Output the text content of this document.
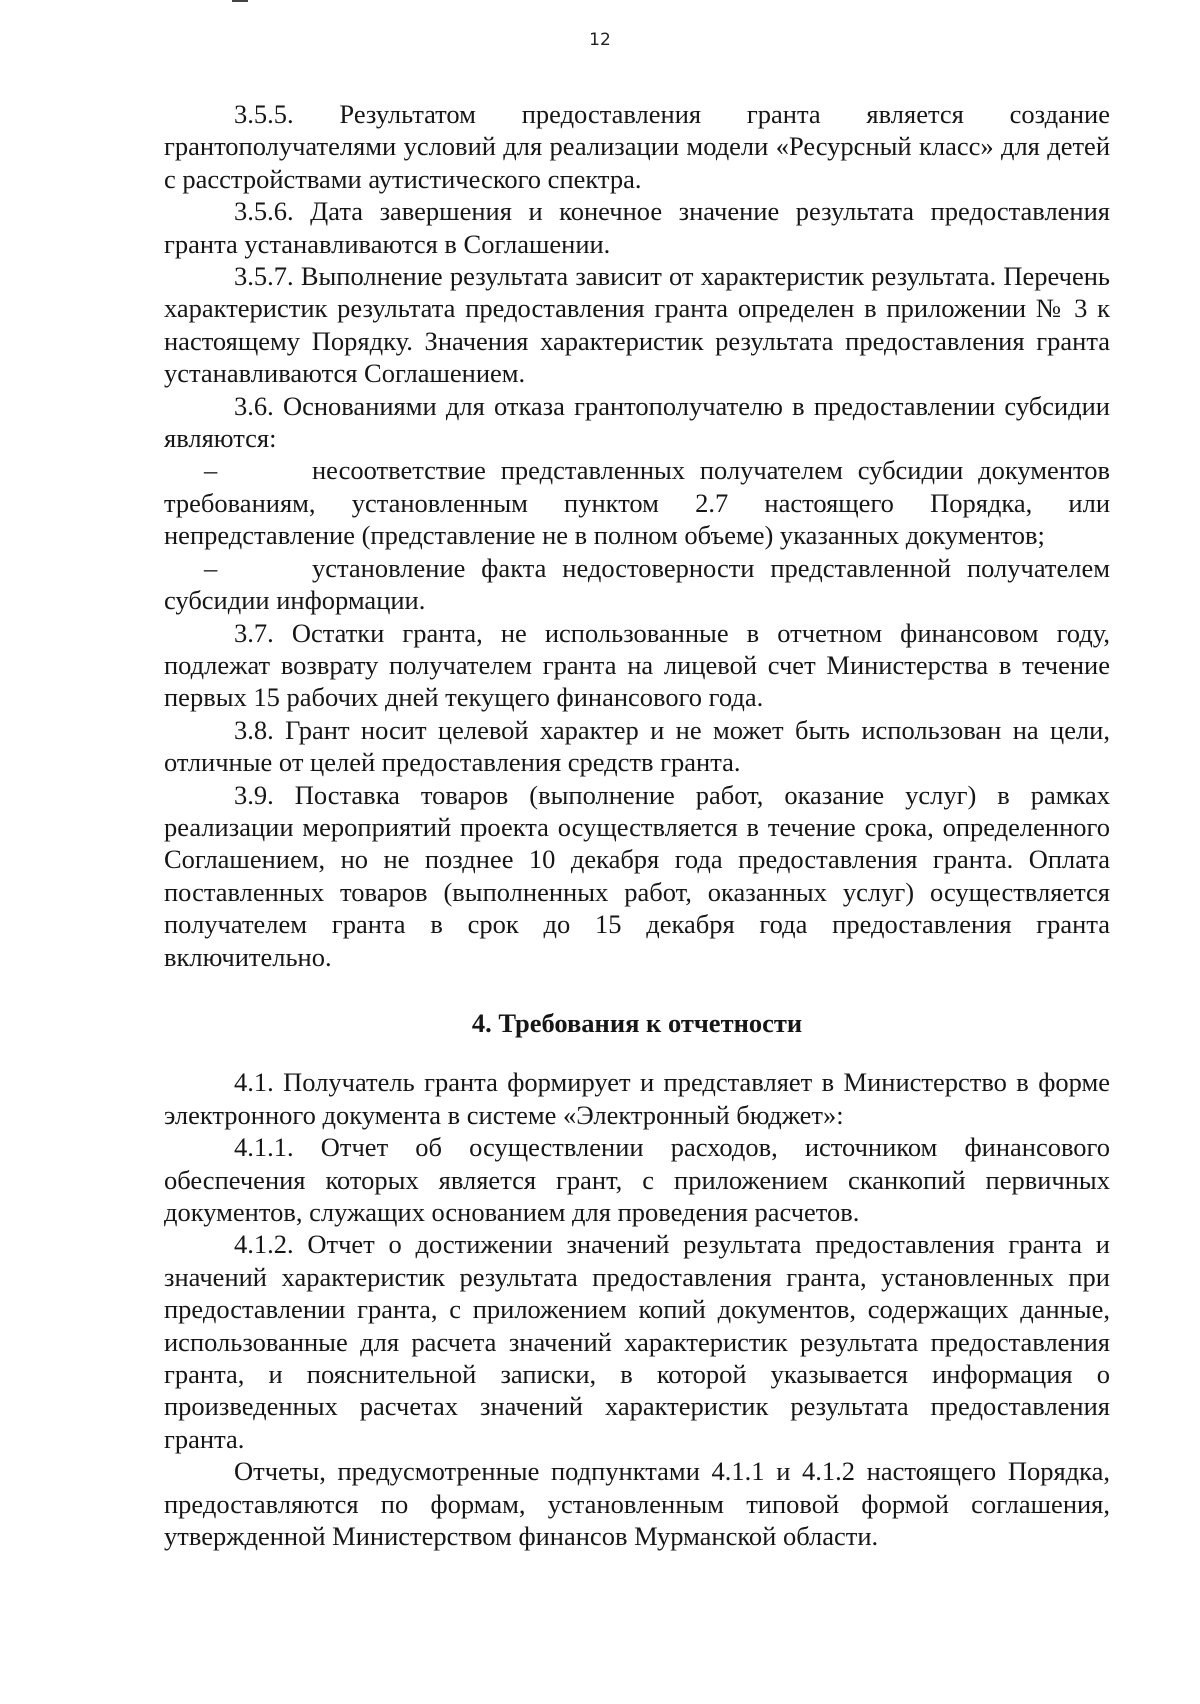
12

3.5.5. Результатом предоставления гранта является создание грантополучателями условий для реализации модели «Ресурсный класс» для детей с расстройствами аутистического спектра.

3.5.6. Дата завершения и конечное значение результата предоставления гранта устанавливаются в Соглашении.

3.5.7. Выполнение результата зависит от характеристик результата. Перечень характеристик результата предоставления гранта определен в приложении № 3 к настоящему Порядку. Значения характеристик результата предоставления гранта устанавливаются Соглашением.

3.6. Основаниями для отказа грантополучателю в предоставлении субсидии являются:

–	несоответствие представленных получателем субсидии документов требованиям, установленным пунктом 2.7 настоящего Порядка, или непредставление (представление не в полном объеме) указанных документов;

–	установление факта недостоверности представленной получателем субсидии информации.

3.7. Остатки гранта, не использованные в отчетном финансовом году, подлежат возврату получателем гранта на лицевой счет Министерства в течение первых 15 рабочих дней текущего финансового года.

3.8. Грант носит целевой характер и не может быть использован на цели, отличные от целей предоставления средств гранта.

3.9. Поставка товаров (выполнение работ, оказание услуг) в рамках реализации мероприятий проекта осуществляется в течение срока, определенного Соглашением, но не позднее 10 декабря года предоставления гранта. Оплата поставленных товаров (выполненных работ, оказанных услуг) осуществляется получателем гранта в срок до 15 декабря года предоставления гранта включительно.

4. Требования к отчетности

4.1. Получатель гранта формирует и представляет в Министерство в форме электронного документа в системе «Электронный бюджет»:

4.1.1. Отчет об осуществлении расходов, источником финансового обеспечения которых является грант, с приложением сканкопий первичных документов, служащих основанием для проведения расчетов.

4.1.2. Отчет о достижении значений результата предоставления гранта и значений характеристик результата предоставления гранта, установленных при предоставлении гранта, с приложением копий документов, содержащих данные, использованные для расчета значений характеристик результата предоставления гранта, и пояснительной записки, в которой указывается информация о произведенных расчетах значений характеристик результата предоставления гранта.

Отчеты, предусмотренные подпунктами 4.1.1 и 4.1.2 настоящего Порядка, предоставляются по формам, установленным типовой формой соглашения, утвержденной Министерством финансов Мурманской области.
